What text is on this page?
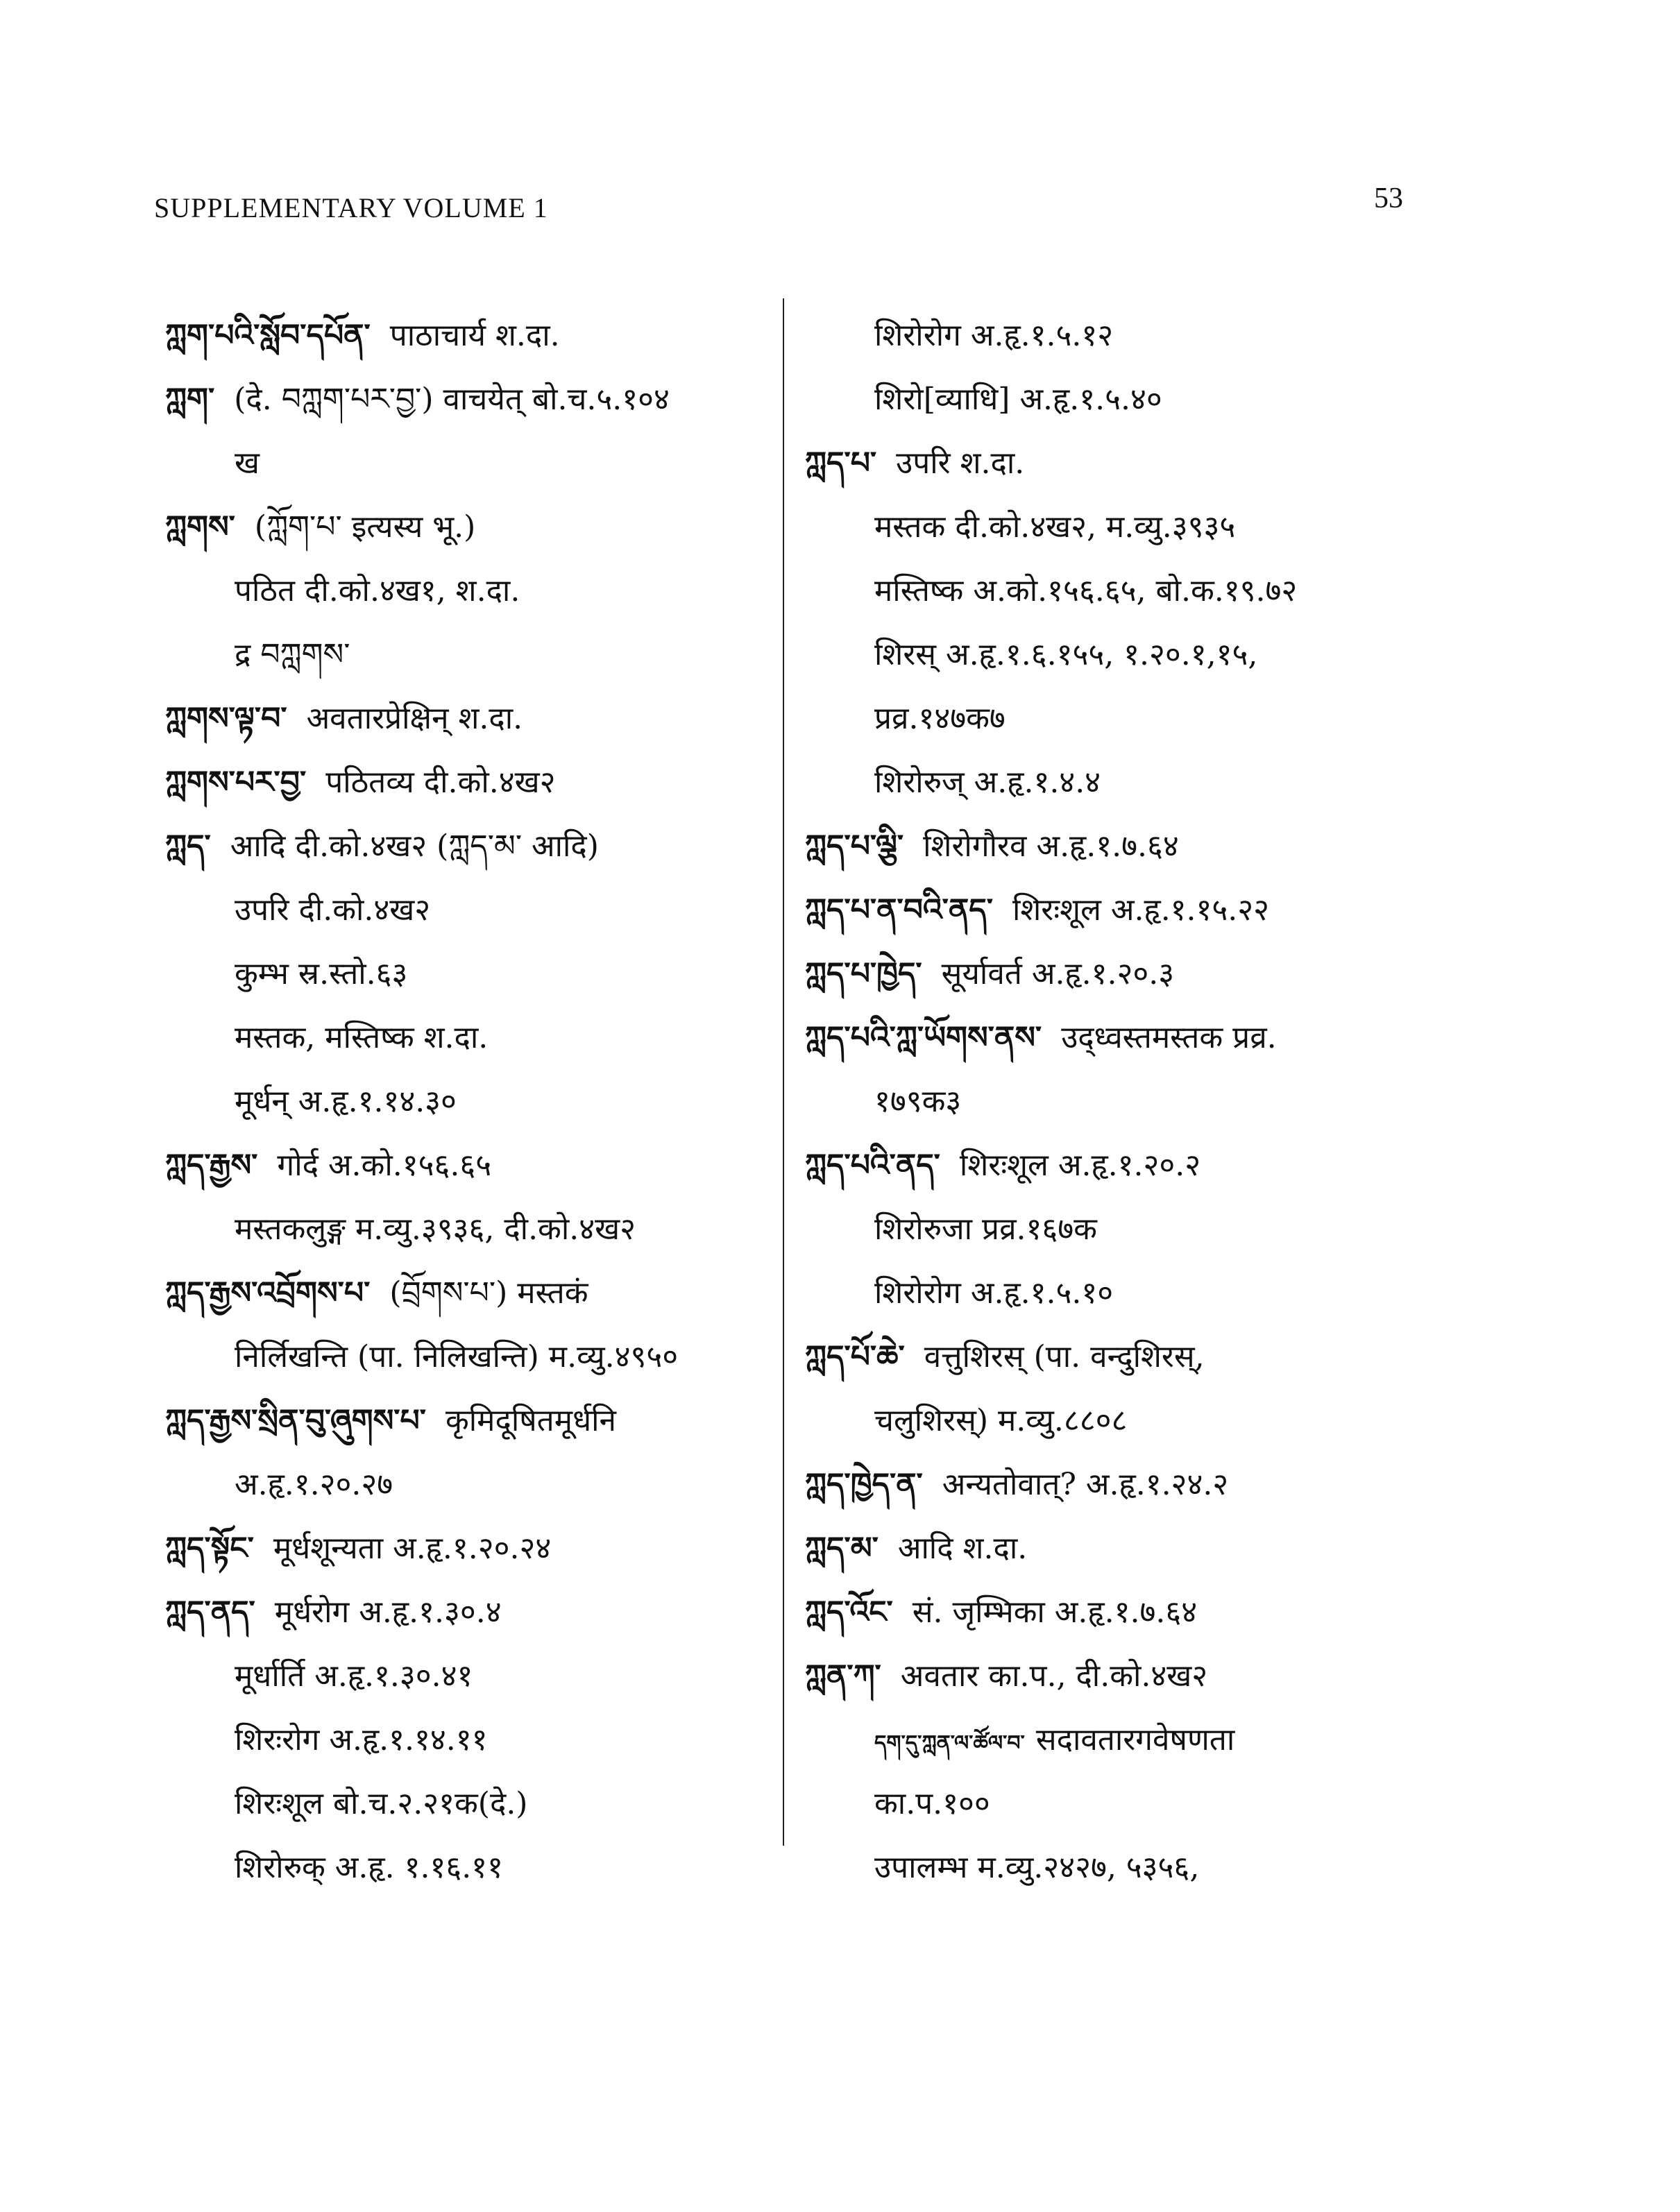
SUPPLEMENTARY VOLUME 1	53
ཀླག་པའི་སློབ་དཔོན་ पाठाचार्य श.दा.
ཀླག་ (दे. བཀླག་པར་བྱ་) वाचयेत् बो.च.५.१०४
ख
ཀླགས་ (ཀློག་པ་ इत्यस्य भू.)
पठित दी.को.४ख१, श.दा.
द्र བཀླགས་
ཀླགས་ལྟ་བ་ अवतारप्रेक्षिन् श.दा.
ཀླགས་པར་བྱ་ पठितव्य दी.को.४ख२
ཀླད་ आदि दी.को.४ख२ (ཀླད་མ་ आदि)
उपरि दी.को.४ख२
कुम्भ स्र.स्तो.६३
मस्तक, मस्तिष्क श.दा.
मूर्धन् अ.हृ.१.१४.३०
ཀླད་རྒྱས་ गोर्द अ.को.१५६.६५
मस्तकलुङ्ग म.व्यु.३९३६, दी.को.४ख२
ཀླད་རྒྱས་འབྲོགས་པ་ (བྲོགས་པ་) मस्तकं
निर्लिखन्ति (पा. निलिखन्ति) म.व्यु.४९५०
ཀླད་རྒྱས་སྲིན་བུ་ཞུགས་པ་ कृमिदूषितमूर्धनि
अ.हृ.१.२०.२७
ཀླད་སྟོང་ मूर्धशून्यता अ.हृ.१.२०.२४
ཀླད་ནད་ मूर्धरोग अ.हृ.१.३०.४
मूर्धार्ति अ.हृ.१.३०.४१
शिरःरोग अ.हृ.१.१४.११
शिरःशूल बो.च.२.२१क(दे.)
शिरोरुक् अ.हृ. १.१६.११
शिरोरोग अ.हृ.१.५.१२
शिरो[व्याधि] अ.हृ.१.५.४०
ཀླད་པ་ उपरि श.दा.
मस्तक दी.को.४ख२, म.व्यु.३९३५
मस्तिष्क अ.को.१५६.६५, बो.क.१९.७२
शिरस् अ.हृ.१.६.१५५, १.२०.१,१५,
प्रव्र.१४७क७
शिरोरुज् अ.हृ.१.४.४
ཀླད་པ་ལྕི་ शिरोगौरव अ.हृ.१.७.६४
ཀླད་པ་ན་བའི་ནད་ शिरःशूल अ.हृ.१.१५.२२
ཀླད་པ་ཁྱེད་ सूर्यावर्त अ.हृ.१.२०.३
ཀླད་པའི་ཀླ་ཡོགས་ནས་ उद्ध्वस्तमस्तक प्रव्र.
१७९क३
ཀླད་པའི་ནད་ शिरःशूल अ.हृ.१.२०.२
शिरोरुजा प्रव्र.१६७क
शिरोरोग अ.हृ.१.५.१०
ཀླད་པོ་ཆེ་ वत्तुशिरस् (पा. वन्दुशिरस्,
चलुशिरस्) म.व्यु.८८०८
ཀླད་ཁྱེད་ན་ अन्यतोवात्? अ.हृ.१.२४.२
ཀླད་མ་ आदि श.दा.
ཀླད་འོང་ सं. जृम्भिका अ.हृ.१.७.६४
ཀླན་ཀ་ अवतार का.प., दी.को.४ख२
དག་དུ་ཀླན་ལ་ཚོལ་བ་ सदावतारगवेषणता
का.प.१००
उपालम्भ म.व्यु.२४२७, ५३५६,
